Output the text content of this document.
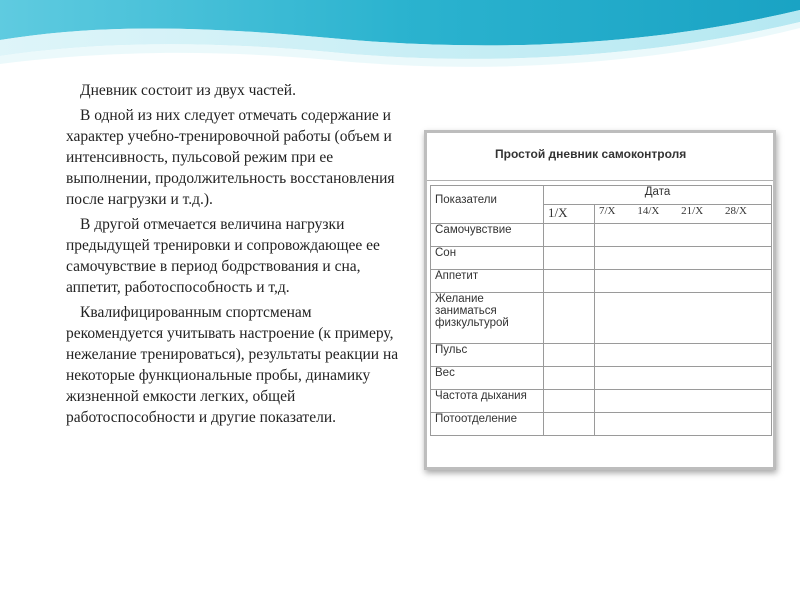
Дневник состоит из двух частей.

В одной из них следует отмечать содержание и характер учебно-тренировочной работы (объем и интенсивность, пульсовой режим при ее выполнении, продолжительность восстановления после нагрузки и т.д.).

В другой отмечается величина нагрузки предыдущей тренировки и сопровождающее ее самочувствие в период бодрствования и сна, аппетит, работоспособность и т,д.

Квалифицированным спортсменам рекомендуется учитывать настроение (к примеру, нежелание тренироваться), результаты реакции на некоторые функциональные пробы, динамику жизненной емкости легких, общей работоспособности и другие показатели.

Простой дневник самоконтроля
Показатели	Дата	
	1/X	7/X 14/X 21/X 28/X

Самочувствие		
Сон		
Аппетит		
Желание заниматься физкультурой		
Пульс		
Вес		
Частота дыхания		
Потоотделение		
